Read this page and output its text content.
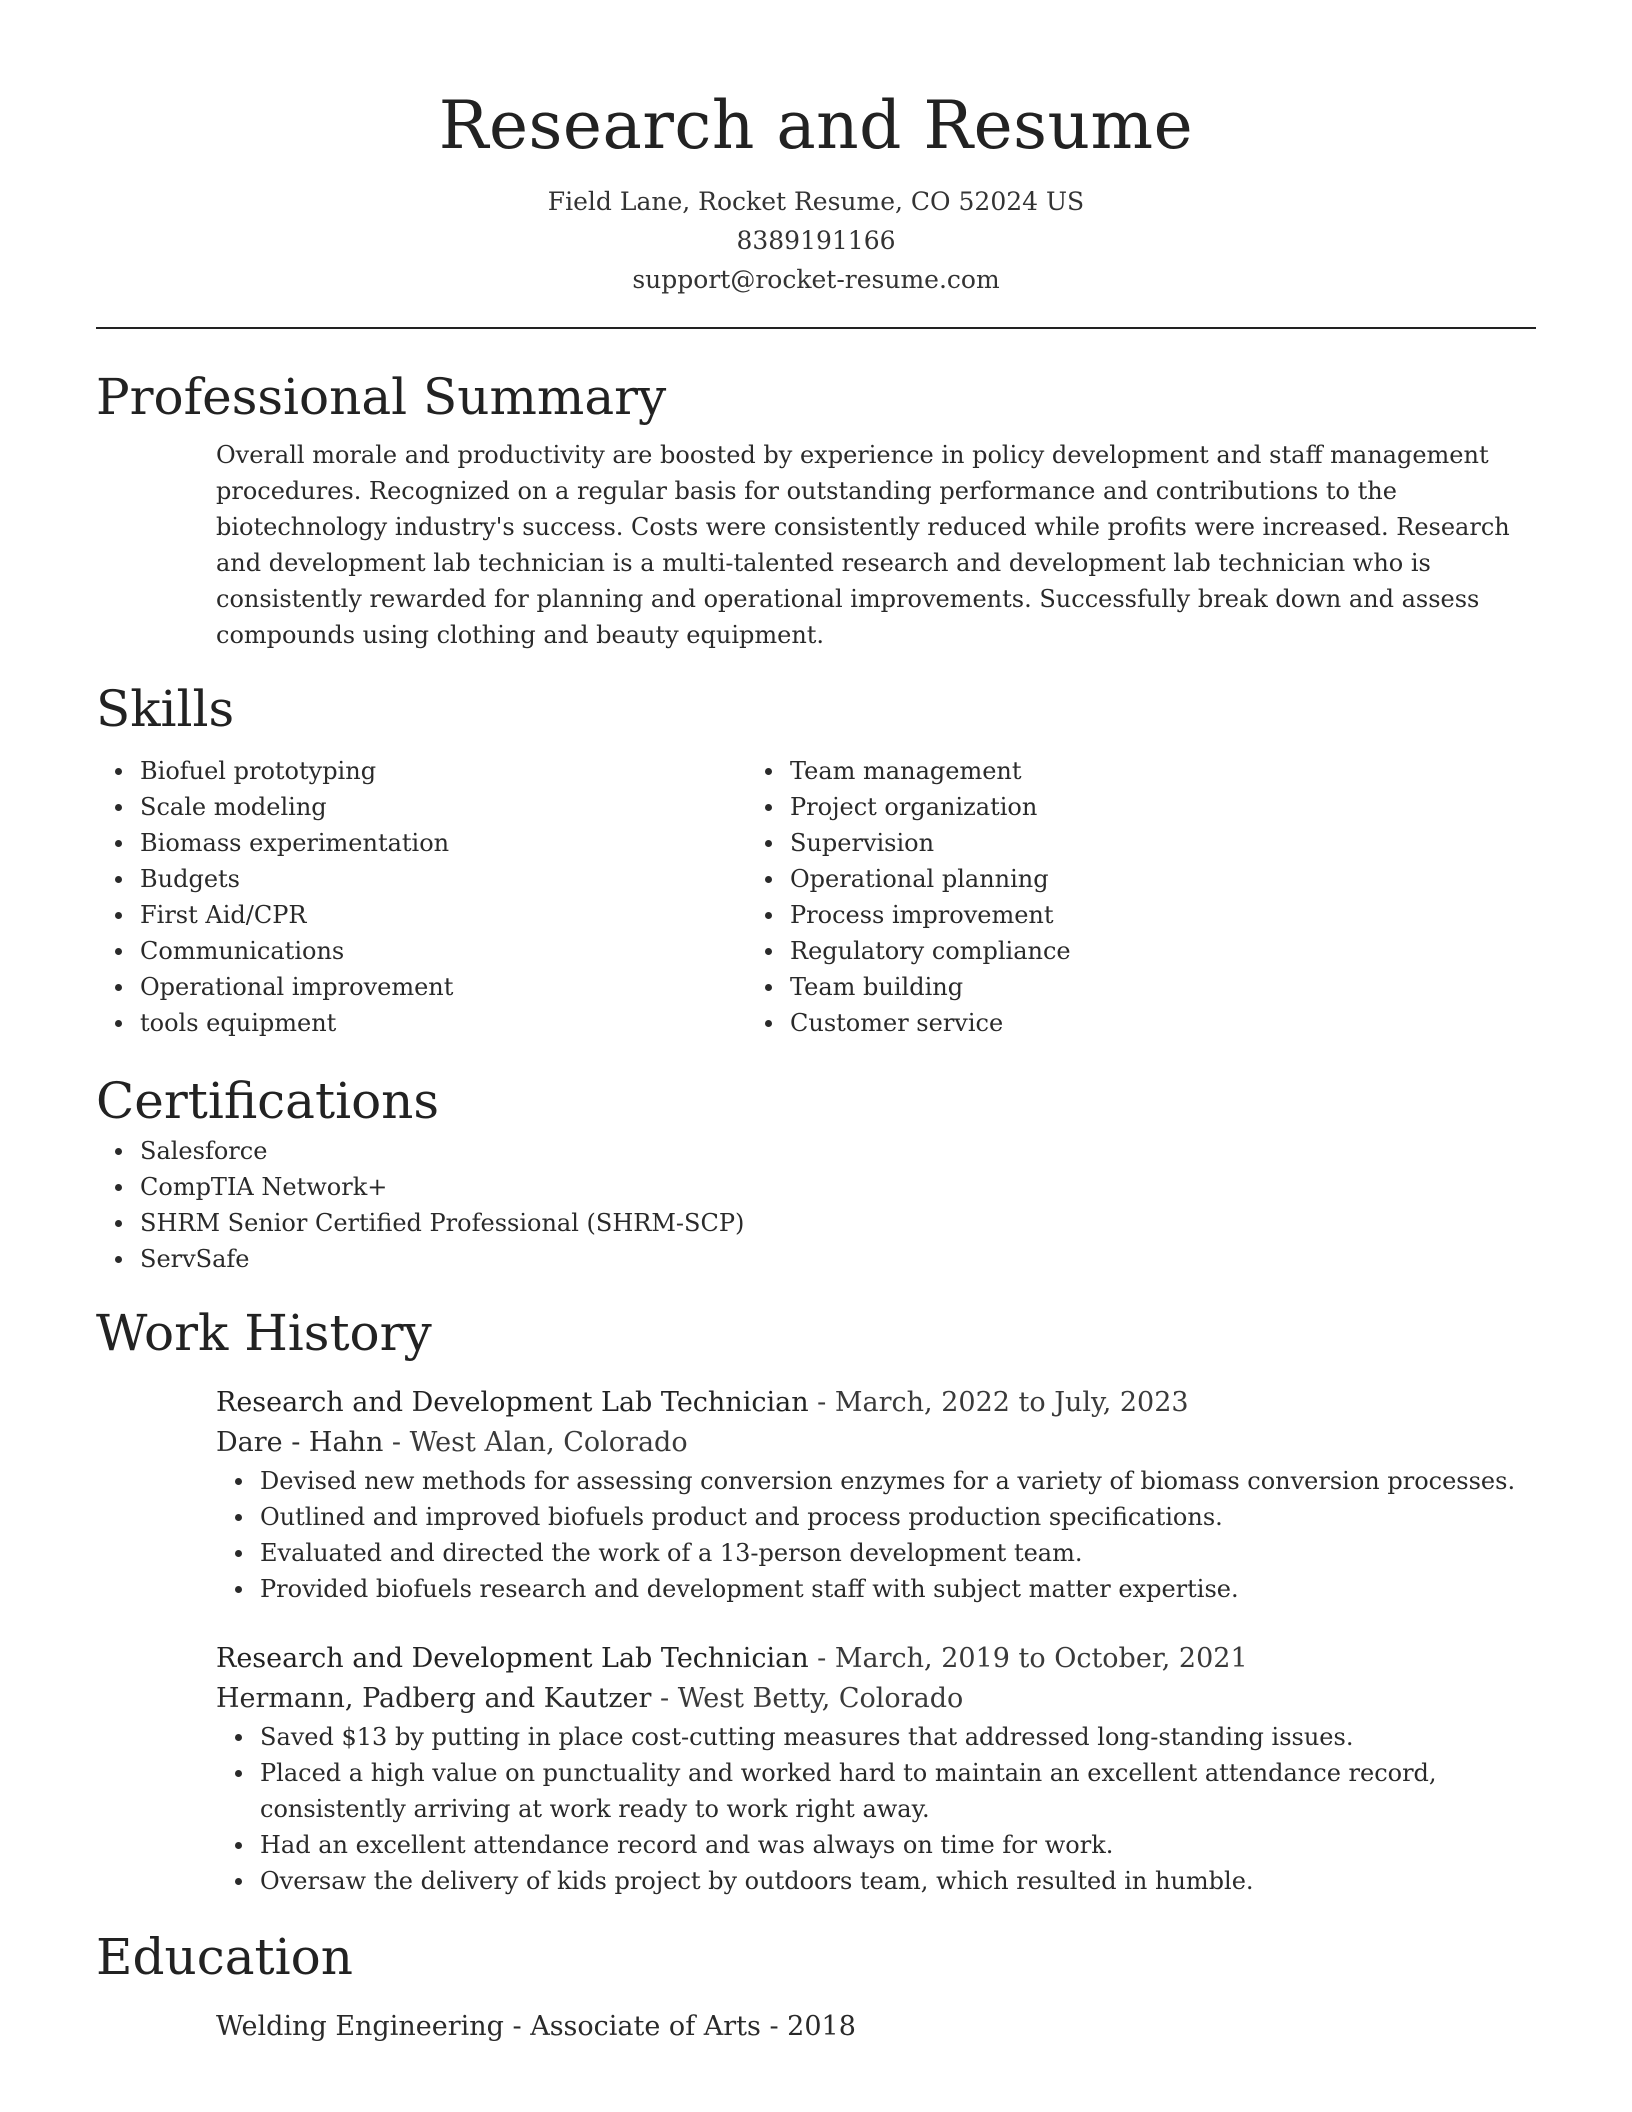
Research and Resume
Field Lane, Rocket Resume, CO 52024 US
8389191166
support@rocket-resume.com
Professional Summary

Overall morale and productivity are boosted by experience in policy development and staff management procedures. Recognized on a regular basis for outstanding performance and contributions to the biotechnology industry's success. Costs were consistently reduced while profits were increased. Research and development lab technician is a multi-talented research and development lab technician who is consistently rewarded for planning and operational improvements. Successfully break down and assess compounds using clothing and beauty equipment.

Skills
Biofuel prototyping
Scale modeling
Biomass experimentation
Budgets
First Aid/CPR
Communications
Operational improvement
tools equipment
Team management
Project organization
Supervision
Operational planning
Process improvement
Regulatory compliance
Team building
Customer service
Certifications
Salesforce
CompTIA Network+
SHRM Senior Certified Professional (SHRM-SCP)
ServSafe
Work History
Research and Development Lab Technician - March, 2022 to July, 2023
Dare - Hahn - West Alan, Colorado
Devised new methods for assessing conversion enzymes for a variety of biomass conversion processes.
Outlined and improved biofuels product and process production specifications.
Evaluated and directed the work of a 13-person development team.
Provided biofuels research and development staff with subject matter expertise.
Research and Development Lab Technician - March, 2019 to October, 2021
Hermann, Padberg and Kautzer - West Betty, Colorado
Saved $13 by putting in place cost-cutting measures that addressed long-standing issues.
Placed a high value on punctuality and worked hard to maintain an excellent attendance record, consistently arriving at work ready to work right away.
Had an excellent attendance record and was always on time for work.
Oversaw the delivery of kids project by outdoors team, which resulted in humble.
Education
Welding Engineering - Associate of Arts - 2018
